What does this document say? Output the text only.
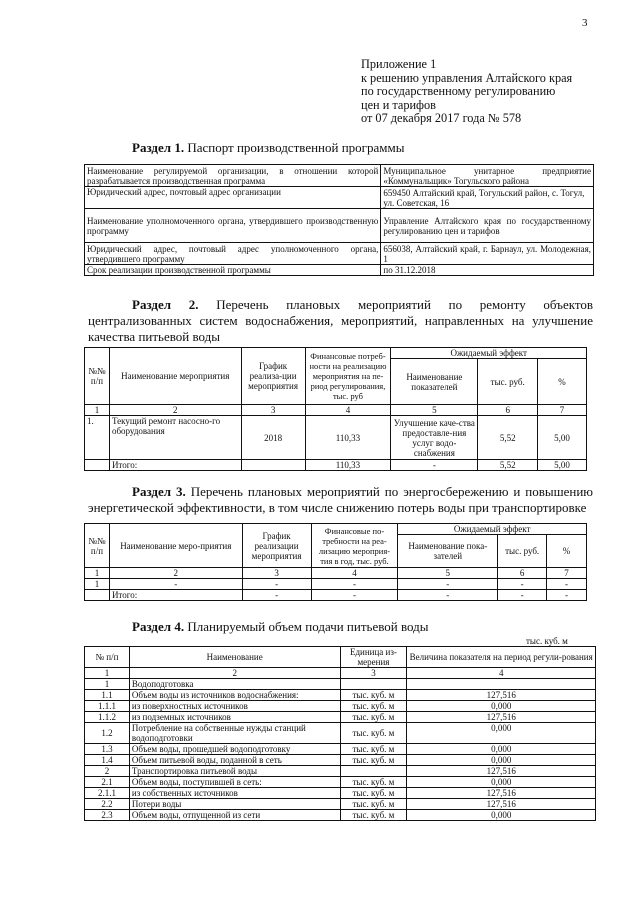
3
Приложение 1
к решению управления Алтайского края
по государственному регулированию
цен и тарифов
от 07 декабря 2017 года № 578
Раздел 1. Паспорт производственной программы
Наименование регулируемой организации, в отношении которой разрабатывается производственная программа	Муниципальное унитарное предприятие «Коммунальщик» Тогульского района
Юридический адрес, почтовый адрес организации	659450 Алтайский край, Тогульский район, с. Тогул, ул. Советская, 16
Наименование уполномоченного органа, утвердившего производственную программу	Управление Алтайского края по государственному регулированию цен и тарифов
Юридический адрес, почтовый адрес уполномоченного органа, утвердившего программу	656038, Алтайский край, г. Барнаул, ул. Молодежная, 1
Срок реализации производственной программы	по 31.12.2018
Раздел 2. Перечень плановых мероприятий по ремонту объектов централизованных систем водоснабжения, мероприятий, направленных на улучшение качества питьевой воды
№№ п/п	Наименование мероприятия	График реализа-ции мероприятия	Финансовые потреб-ности на реализацию мероприятия на пе-риод регулирования, тыс. руб	Ожидаемый эффект		
				Наименование показателей	тыс. руб.	%
1	2	3	4	5	6	7
1.	Текущий ремонт насосно-го оборудования	2018	110,33	Улучшение каче-ства предоставле-ния услуг водо-снабжения	5,52	5,00
	Итого:		110,33	-	5,52	5,00
Раздел 3. Перечень плановых мероприятий по энергосбережению и повышению энергетической эффективности, в том числе снижению потерь воды при транспортировке
№№ п/п	Наименование меро-приятия	График реализации мероприятия	Финансовые по-требности на реа-лизацию мероприя-тия в год, тыс. руб.	Ожидаемый эффект		
				Наименование пока-зателей	тыс. руб.	%
1	2	3	4	5	6	7
1	-	-	-	-	-	-
	Итого:	-	-	-	-	-
Раздел 4. Планируемый объем подачи питьевой воды
тыс. куб. м
№ п/п	Наименование	Единица из-мерения	Величина показателя на период регули-рования
1	2	3	4
1	Водоподготовка		
1.1	Объем воды из источников водоснабжения:	тыс. куб. м	127,516
1.1.1	из поверхностных источников	тыс. куб. м	0,000
1.1.2	из подземных источников	тыс. куб. м	127,516
1.2	Потребление на собственные нужды станций водоподготовки	тыс. куб. м	0,000
1.3	Объем воды, прошедшей водоподготовку	тыс. куб. м	0,000
1.4	Объем питьевой воды, поданной в сеть	тыс. куб. м	0,000
2	Транспортировка питьевой воды		127,516
2.1	Объем воды, поступившей в сеть:	тыс. куб. м	0,000
2.1.1	из собственных источников	тыс. куб. м	127,516
2.2	Потери воды	тыс. куб. м	127,516
2.3	Объем воды, отпущенной из сети	тыс. куб. м	0,000
